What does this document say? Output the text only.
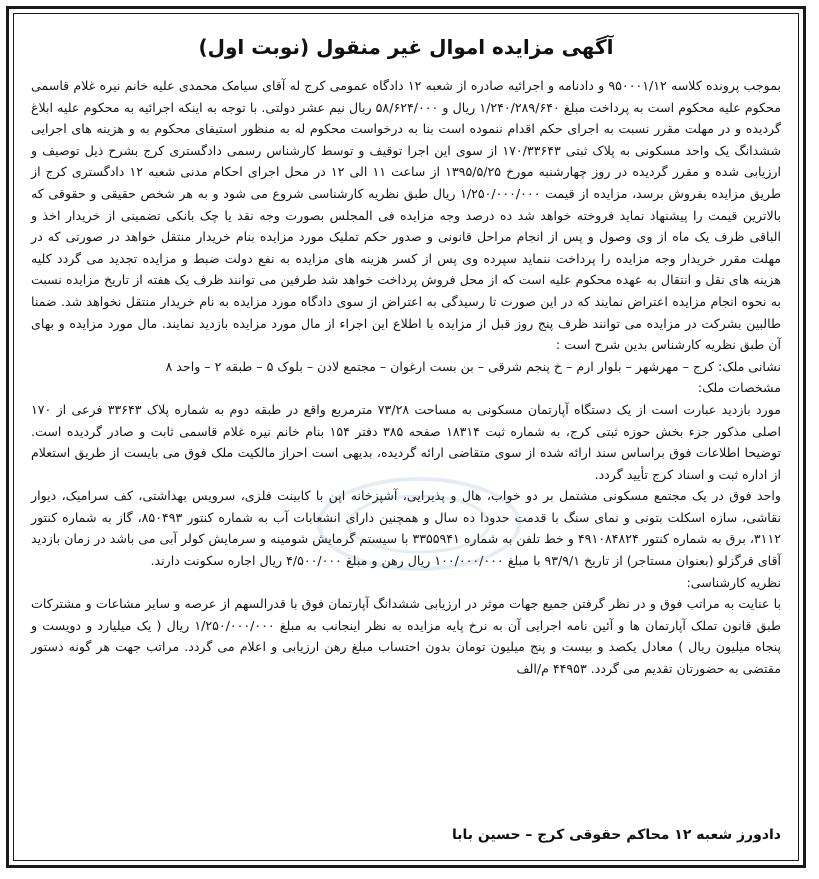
آگهی مزایده اموال غیر منقول (نوبت اول)

بموجب پرونده کلاسه ۹۵۰۰۰۱/۱۲ و دادنامه و اجرائیه صادره از شعبه ۱۲ دادگاه عمومی کرج له آقای سیامک محمدی علیه خانم نیره غلام قاسمی محکوم علیه محکوم است به پرداخت مبلغ ۱/۲۴۰/۲۸۹/۶۴۰ ریال و ۵۸/۶۲۴/۰۰۰ ریال نیم عشر دولتی. با توجه به اینکه اجرائیه به محکوم علیه ابلاغ گردیده و در مهلت مقرر نسبت به اجرای حکم اقدام ننموده است بنا به درخواست محکوم له به منظور استیفای محکوم به و هزینه های اجرایی ششدانگ یک واحد مسکونی به پلاک ثبتی ۱۷۰/۳۳۶۴۳ از سوی این اجرا توقیف و توسط کارشناس رسمی دادگستری کرج بشرح ذیل توصیف و ارزیابی شده و مقرر گردیده در روز چهارشنبه مورخ ۱۳۹۵/۵/۲۵ از ساعت ۱۱ الی ۱۲ در محل اجرای احکام مدنی شعبه ۱۲ دادگستری کرج از طریق مزایده بفروش برسد، مزایده از قیمت ۱/۲۵۰/۰۰۰/۰۰۰ ریال طبق نظریه کارشناسی شروع می شود و به هر شخص حقیقی و حقوقی که بالاترین قیمت را پیشنهاد نماید فروخته خواهد شد ده درصد وجه مزایده فی المجلس بصورت وجه نقد یا چک بانکی تضمینی از خریدار اخذ و الباقی ظرف یک ماه از وی وصول و پس از انجام مراحل قانونی و صدور حکم تملیک مورد مزایده بنام خریدار منتقل خواهد در صورتی که در مهلت مقرر خریدار وجه مزایده را پرداخت ننماید سپرده وی پس از کسر هزینه های مزایده به نفع دولت ضبط و مزایده تجدید می گردد کلیه هزینه های نقل و انتقال به عهده محکوم علیه است که از محل فروش پرداخت خواهد شد طرفین می توانند ظرف یک هفته از تاریخ مزایده نسبت به نحوه انجام مزایده اعتراض نمایند که در این صورت تا رسیدگی به اعتراض از سوی دادگاه مورد مزایده به نام خریدار منتقل نخواهد شد. ضمنا طالبین بشرکت در مزایده می توانند ظرف پنج روز قبل از مزایده با اطلاع این اجراء از مال مورد مزایده بازدید نمایند. مال مورد مزایده و بهای آن طبق نظریه کارشناس بدین شرح است :

نشانی ملک: کرج – مهرشهر – بلوار ارم – خ پنجم شرقی – بن بست ارغوان – مجتمع لادن – بلوک ۵ – طبقه ۲ – واحد ۸

مشخصات ملک:

مورد بازدید عبارت است از یک دستگاه آپارتمان مسکونی به مساحت ۷۳/۲۸ مترمربع واقع در طبقه دوم به شماره پلاک ۳۳۶۴۳ فرعی از ۱۷۰ اصلی مذکور جزء بخش حوزه ثبتی کرج، به شماره ثبت ۱۸۳۱۴ صفحه ۳۸۵ دفتر ۱۵۴ بنام خانم نیره غلام قاسمی ثابت و صادر گردیده است. توضیحا اطلاعات فوق براساس سند ارائه شده از سوی متقاضی ارائه گردیده، بدیهی است احراز مالکیت ملک فوق می بایست از طریق استعلام از اداره ثبت و اسناد کرج تأیید گردد.

واحد فوق در یک مجتمع مسکونی مشتمل بر دو خواب، هال و پذیرایی، آشپزخانه اپن با کابینت فلزی، سرویس بهداشتی، کف سرامیک، دیوار نقاشی، سازه اسکلت بتونی و نمای سنگ با قدمت حدودا ده سال و همچنین دارای انشعابات آب به شماره کنتور ۸۵۰۴۹۳، گاز به شماره کنتور ۳۱۱۲، برق به شماره کنتور ۴۹۱۰۸۴۸۲۴ و خط تلفن به شماره ۳۳۵۵۹۴۱ با سیستم گرمایش شومینه و سرمایش کولر آبی می باشد در زمان بازدید آقای قرگزلو (بعنوان مستاجر) از تاریخ ۹۳/۹/۱ با مبلغ ۱۰۰/۰۰۰/۰۰۰ ریال رهن و مبلغ ۴/۵۰۰/۰۰۰ ریال اجاره سکونت دارند.

نظریه کارشناسی:

با عنایت به مراتب فوق و در نظر گرفتن جمیع جهات موثر در ارزیابی ششدانگ آپارتمان فوق با قدرالسهم از عرصه و سایر مشاعات و مشترکات طبق قانون تملک آپارتمان ها و آئین نامه اجرایی آن به نرخ پایه مزایده به نظر اینجانب به مبلغ ۱/۲۵۰/۰۰۰/۰۰۰ ریال ( یک میلیارد و دویست و پنجاه میلیون ریال ) معادل یکصد و بیست و پنج میلیون تومان بدون احتساب مبلغ رهن ارزیابی و اعلام می گردد. مراتب جهت هر گونه دستور مقتضی به حضورتان تقدیم می گردد. ۴۴۹۵۳ م/الف

دادورز شعبه ۱۲ محاکم حقوقی کرج – حسین بابا
